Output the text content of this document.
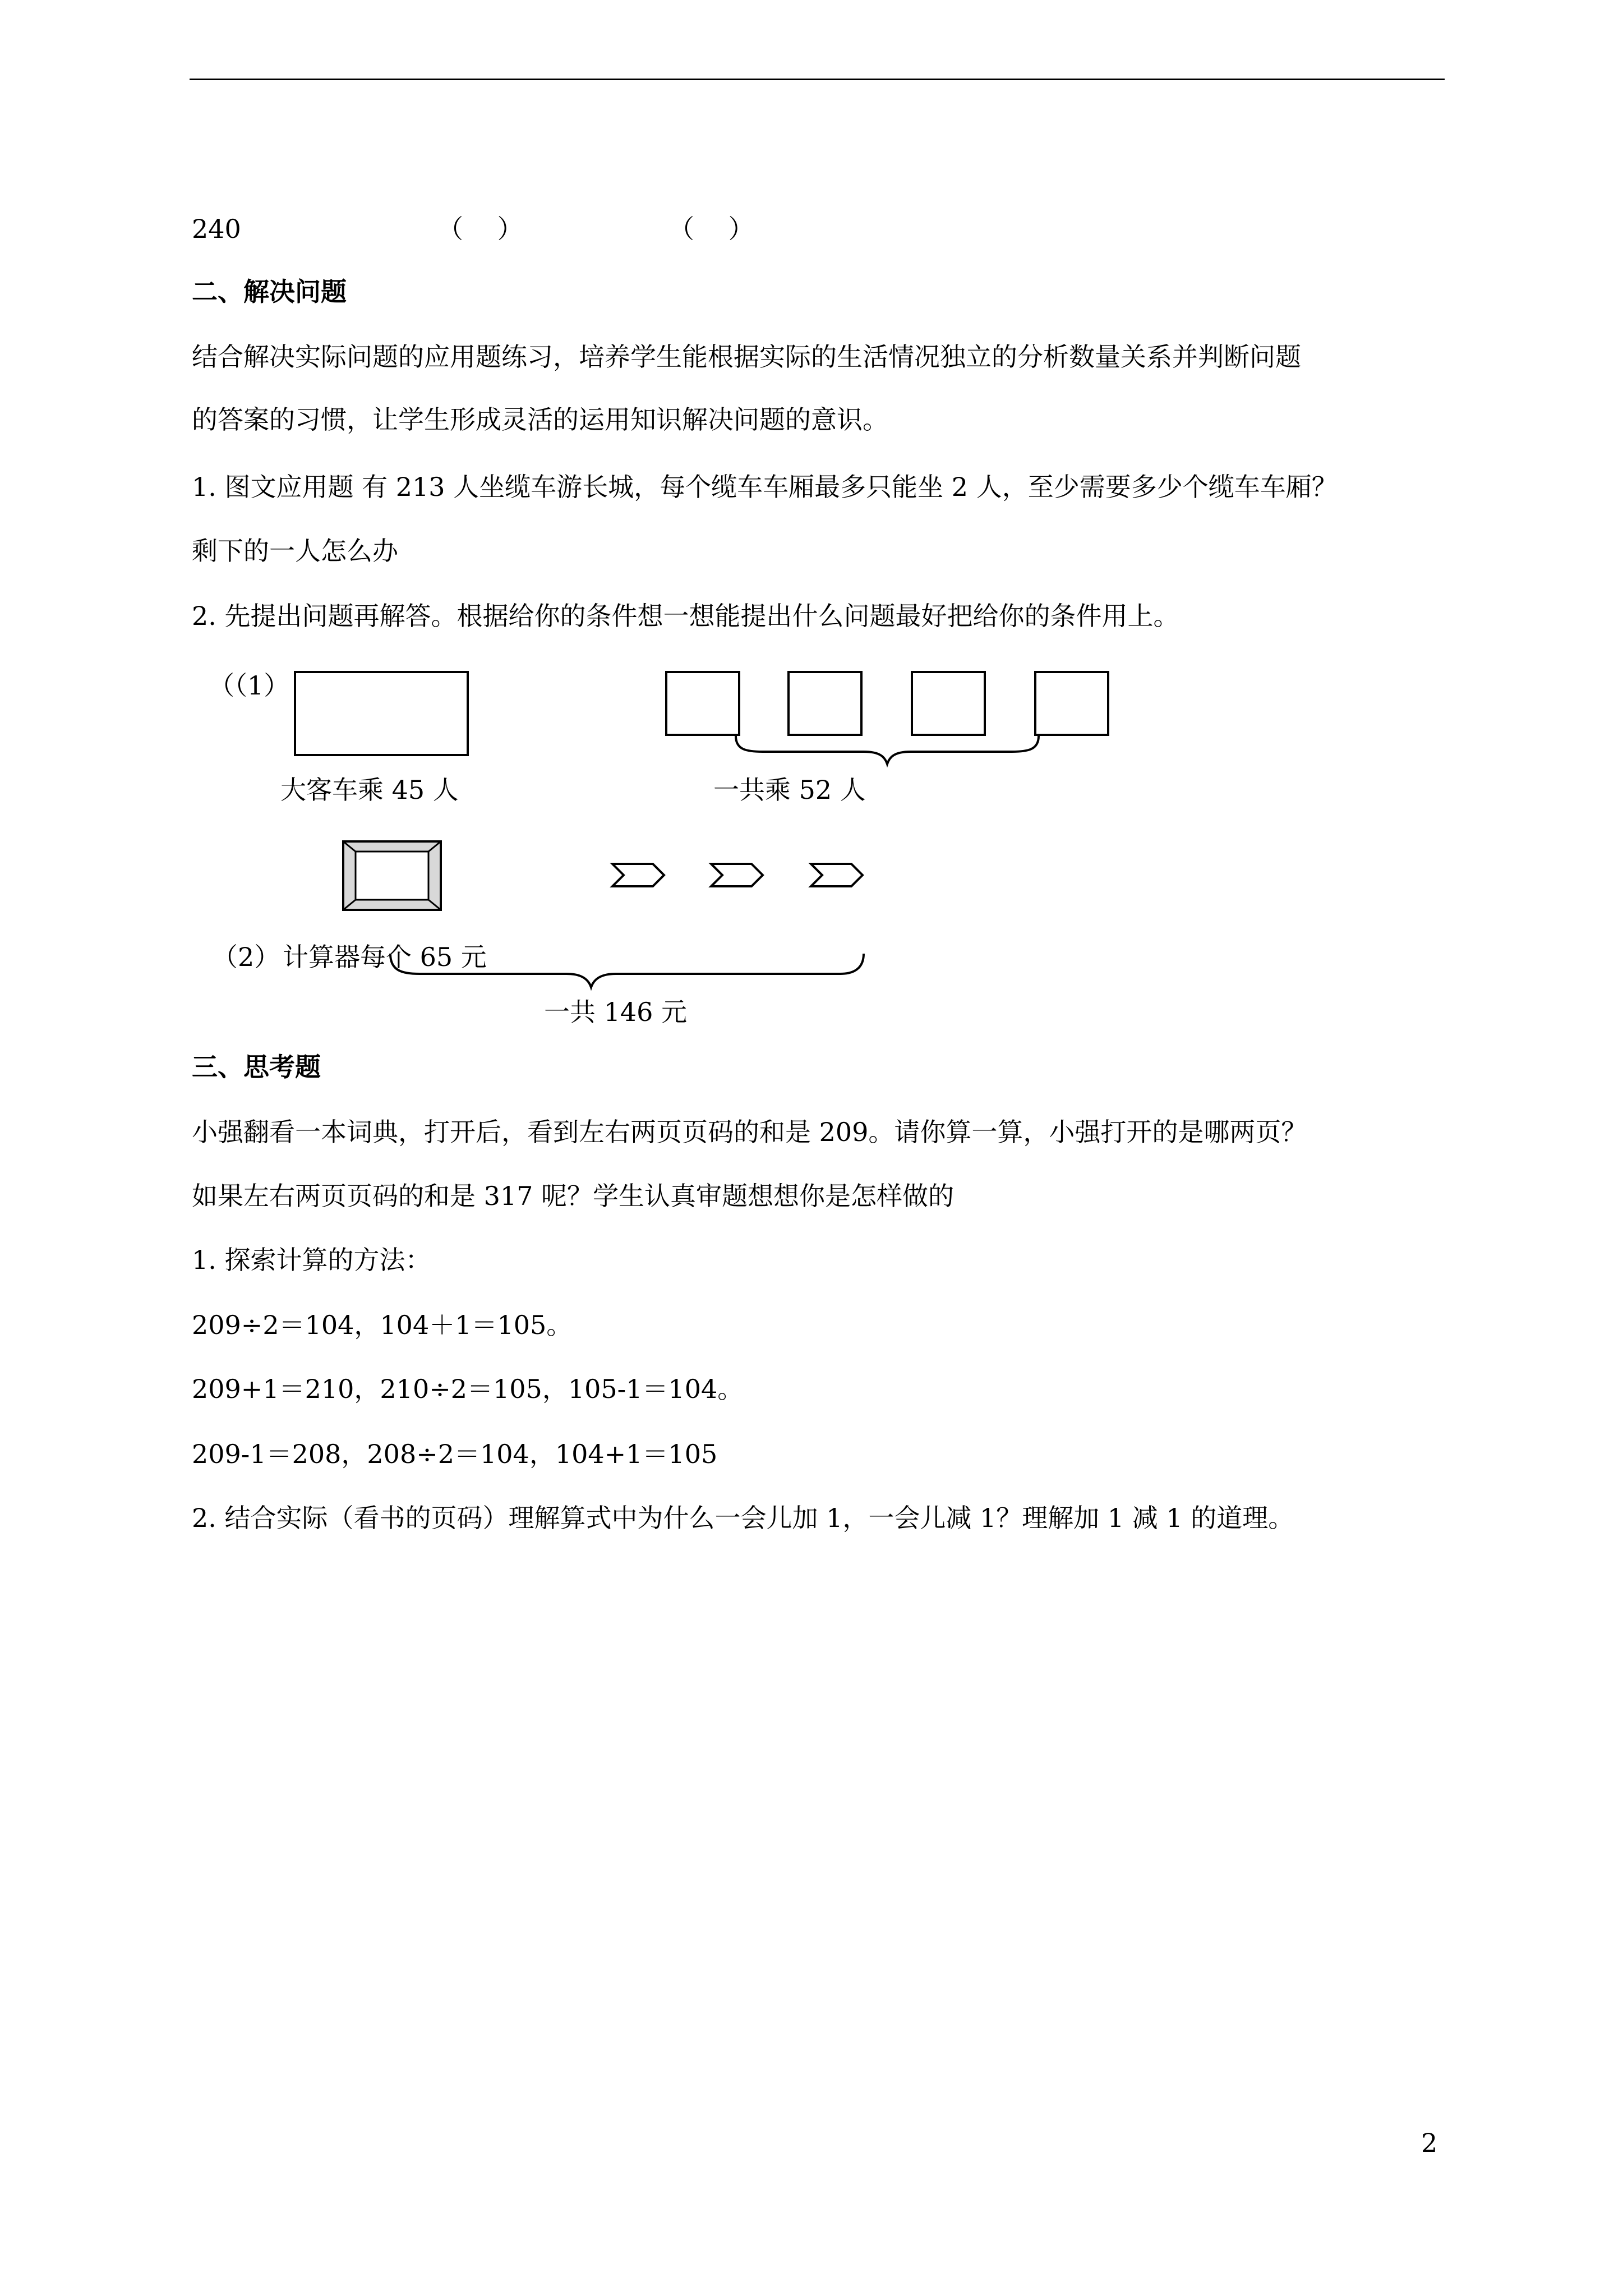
240	（　 ）	（　 ）
二、解决问题
结合解决实际问题的应用题练习，培养学生能根据实际的生活情况独立的分析数量关系并判断问题
的答案的习惯，让学生形成灵活的运用知识解决问题的意识。
1. 图文应用题 有 213 人坐缆车游长城，每个缆车车厢最多只能坐 2 人，至少需要多少个缆车车厢？
剩下的一人怎么办
2. 先提出问题再解答。根据给你的条件想一想能提出什么问题最好把给你的条件用上。
（（1）
大客车乘 45 人	一共乘 52 人
（2） 计算器每个 65 元
一共 146 元
三、思考题
小强翻看一本词典，打开后，看到左右两页页码的和是 209。请你算一算，小强打开的是哪两页？
如果左右两页页码的和是 317 呢？学生认真审题想想你是怎样做的
1. 探索计算的方法：
209÷2＝104，104＋1＝105。
209+1＝210，210÷2＝105，105-1＝104。
209-1＝208，208÷2＝104，104+1＝105
2. 结合实际（看书的页码）理解算式中为什么一会儿加 1，一会儿减 1？理解加 1 减 1 的道理。
2
